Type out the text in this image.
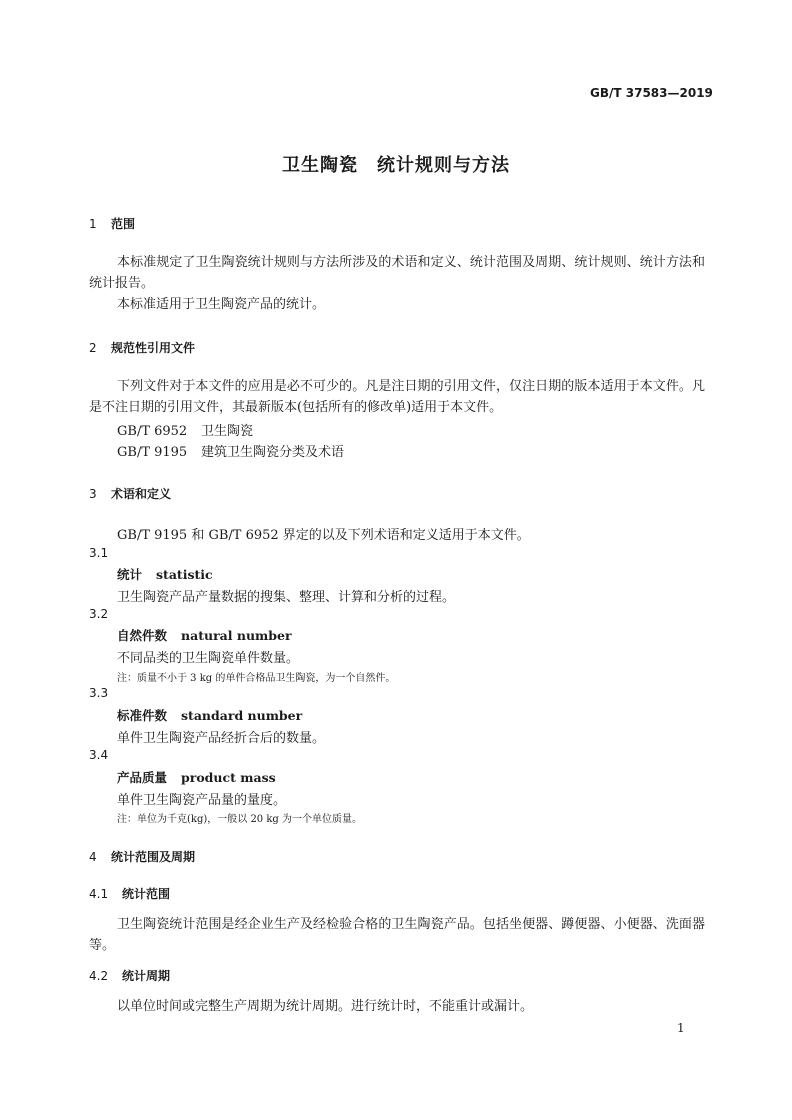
GB/T 37583—2019
卫生陶瓷　统计规则与方法
1 范围
本标准规定了卫生陶瓷统计规则与方法所涉及的术语和定义、统计范围及周期、统计规则、统计方法和统计报告。
本标准适用于卫生陶瓷产品的统计。
2 规范性引用文件
下列文件对于本文件的应用是必不可少的。凡是注日期的引用文件，仅注日期的版本适用于本文件。凡是不注日期的引用文件，其最新版本(包括所有的修改单)适用于本文件。
GB/T 6952 卫生陶瓷
GB/T 9195 建筑卫生陶瓷分类及术语
3 术语和定义
GB/T 9195 和 GB/T 6952 界定的以及下列术语和定义适用于本文件。
3.1
统计 statistic
卫生陶瓷产品产量数据的搜集、整理、计算和分析的过程。
3.2
自然件数 natural number
不同品类的卫生陶瓷单件数量。
注：质量不小于 3 kg 的单件合格品卫生陶瓷，为一个自然件。
3.3
标准件数 standard number
单件卫生陶瓷产品经折合后的数量。
3.4
产品质量 product mass
单件卫生陶瓷产品量的量度。
注：单位为千克(kg)，一般以 20 kg 为一个单位质量。
4 统计范围及周期
4.1 统计范围
卫生陶瓷统计范围是经企业生产及经检验合格的卫生陶瓷产品。包括坐便器、蹲便器、小便器、洗面器等。
4.2 统计周期
以单位时间或完整生产周期为统计周期。进行统计时，不能重计或漏计。
1
